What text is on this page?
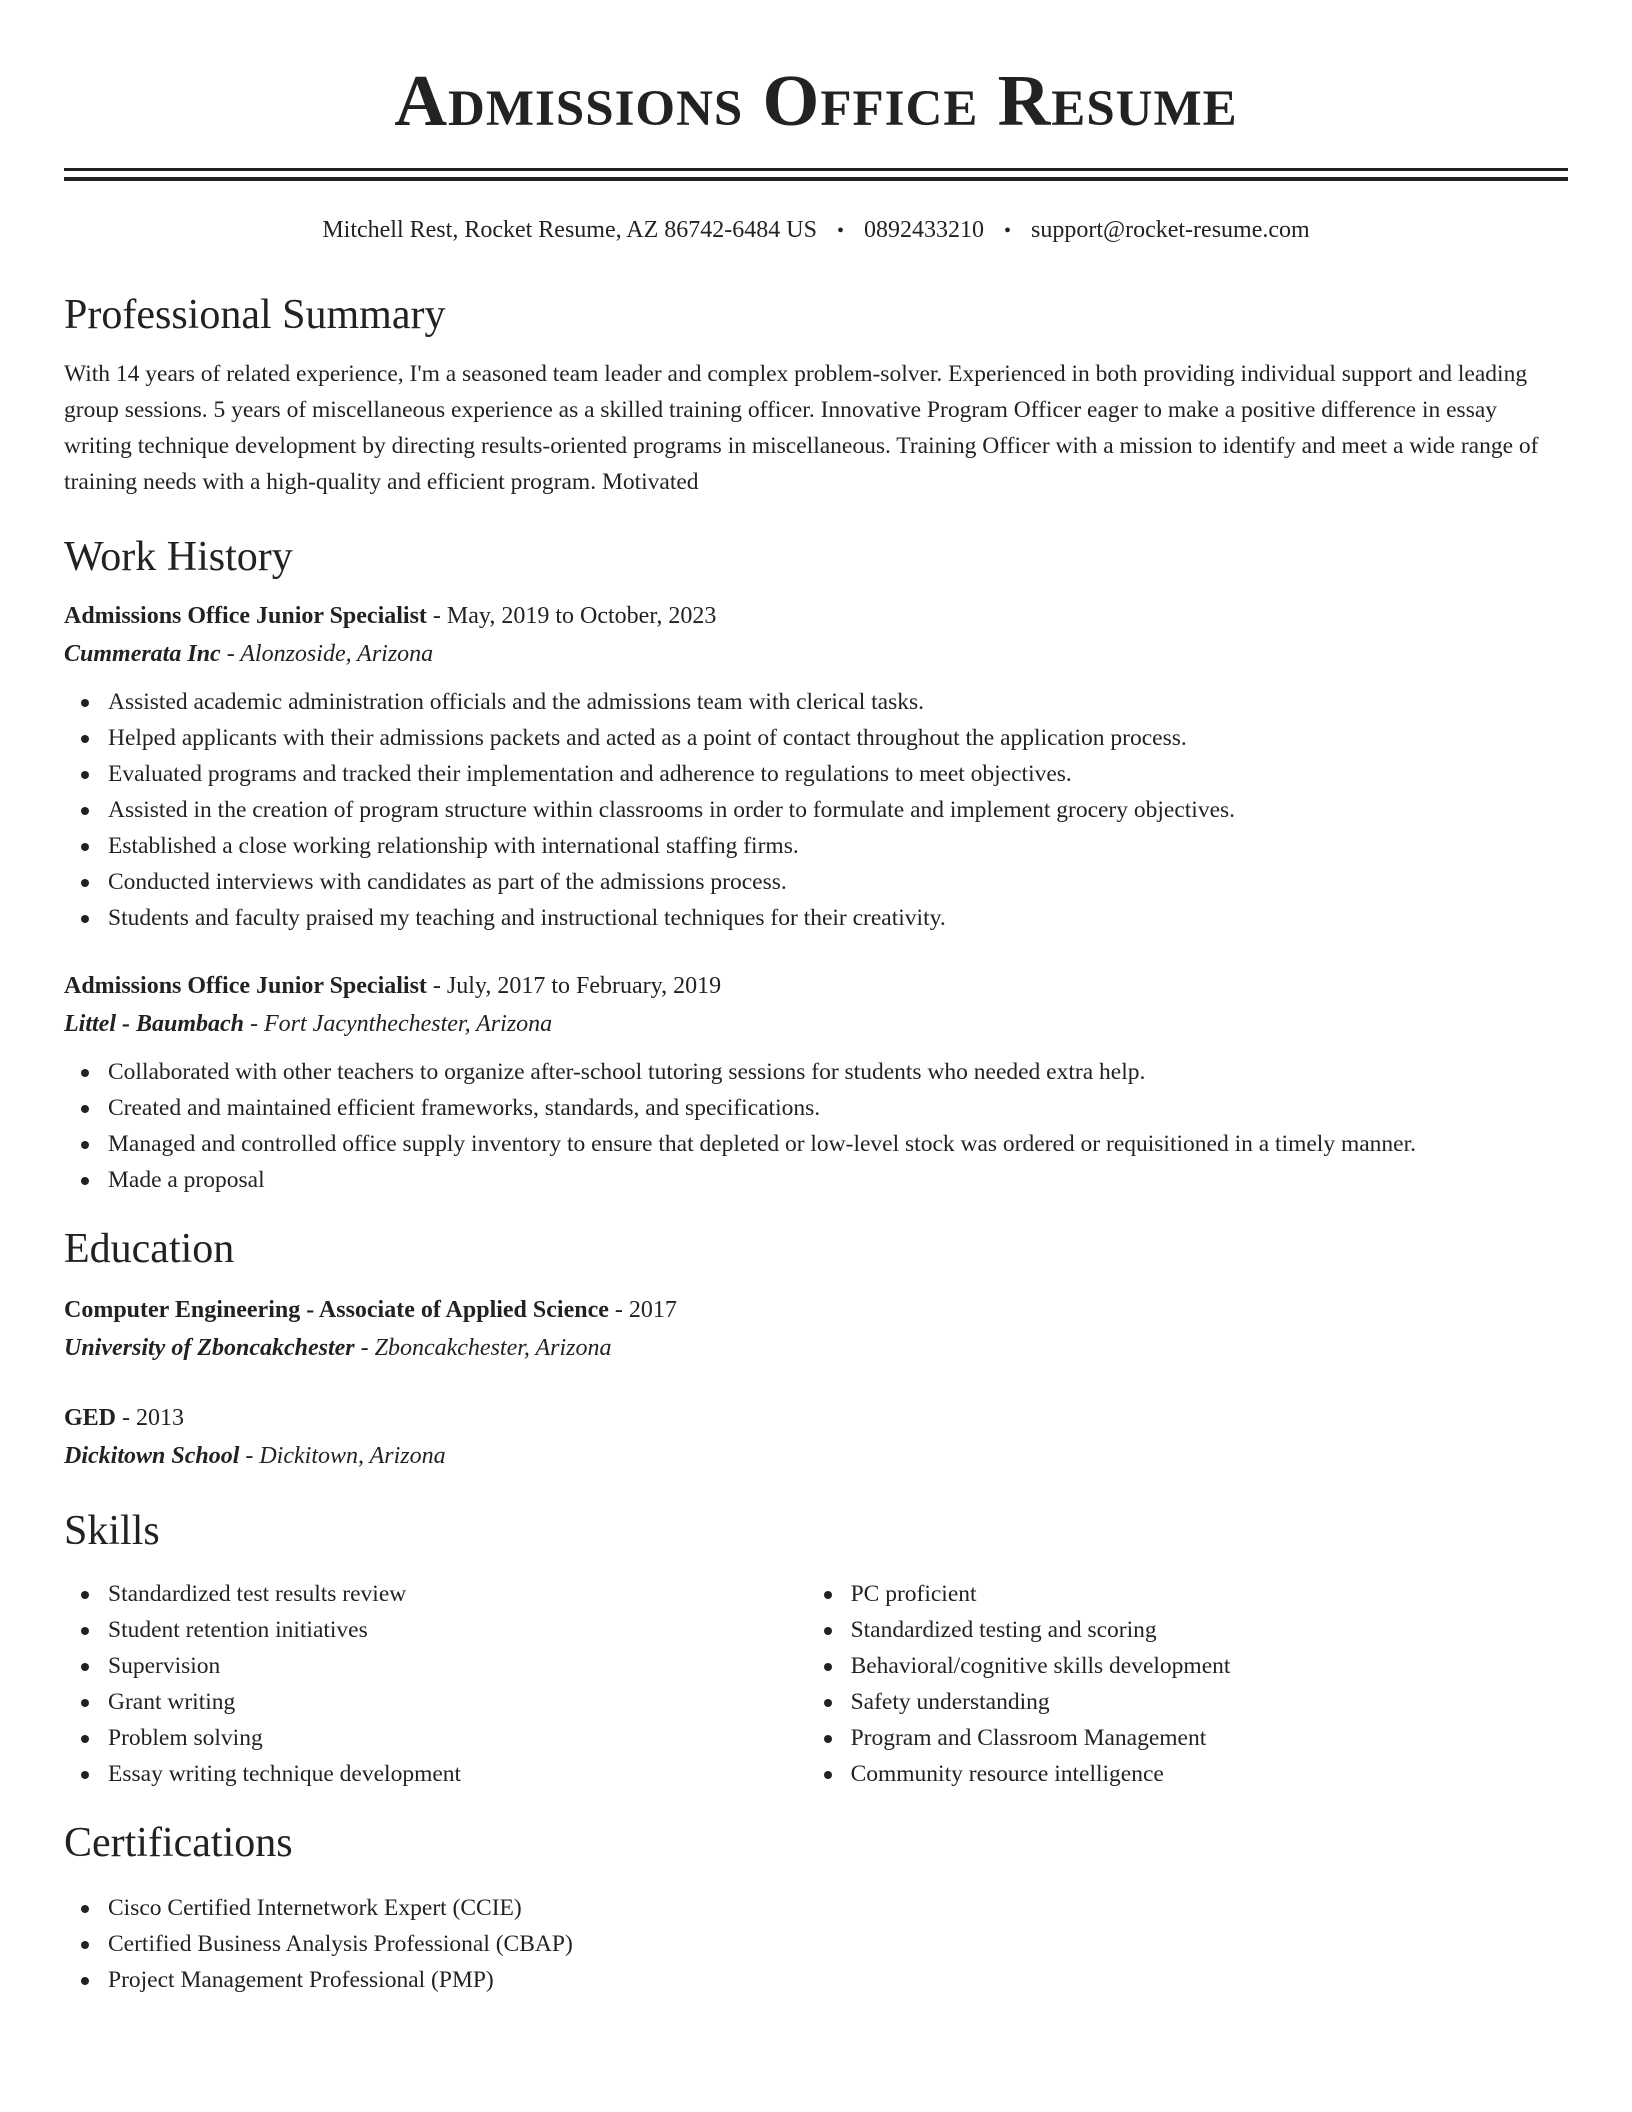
Admissions Office Resume
Mitchell Rest, Rocket Resume, AZ 86742-6484 US • 0892433210 • support@rocket-resume.com
Professional Summary

With 14 years of related experience, I'm a seasoned team leader and complex problem-solver. Experienced in both providing individual support and leading group sessions. 5 years of miscellaneous experience as a skilled training officer. Innovative Program Officer eager to make a positive difference in essay writing technique development by directing results-oriented programs in miscellaneous. Training Officer with a mission to identify and meet a wide range of training needs with a high-quality and efficient program. Motivated

Work History

Admissions Office Junior Specialist - May, 2019 to October, 2023

Cummerata Inc - Alonzoside, Arizona

Assisted academic administration officials and the admissions team with clerical tasks.
Helped applicants with their admissions packets and acted as a point of contact throughout the application process.
Evaluated programs and tracked their implementation and adherence to regulations to meet objectives.
Assisted in the creation of program structure within classrooms in order to formulate and implement grocery objectives.
Established a close working relationship with international staffing firms.
Conducted interviews with candidates as part of the admissions process.
Students and faculty praised my teaching and instructional techniques for their creativity.

Admissions Office Junior Specialist - July, 2017 to February, 2019

Littel - Baumbach - Fort Jacynthechester, Arizona

Collaborated with other teachers to organize after-school tutoring sessions for students who needed extra help.
Created and maintained efficient frameworks, standards, and specifications.
Managed and controlled office supply inventory to ensure that depleted or low-level stock was ordered or requisitioned in a timely manner.
Made a proposal
Education

Computer Engineering - Associate of Applied Science - 2017

University of Zboncakchester - Zboncakchester, Arizona

GED - 2013

Dickitown School - Dickitown, Arizona

Skills
Standardized test results review
Student retention initiatives
Supervision
Grant writing
Problem solving
Essay writing technique development
PC proficient
Standardized testing and scoring
Behavioral/cognitive skills development
Safety understanding
Program and Classroom Management
Community resource intelligence
Certifications
Cisco Certified Internetwork Expert (CCIE)
Certified Business Analysis Professional (CBAP)
Project Management Professional (PMP)
